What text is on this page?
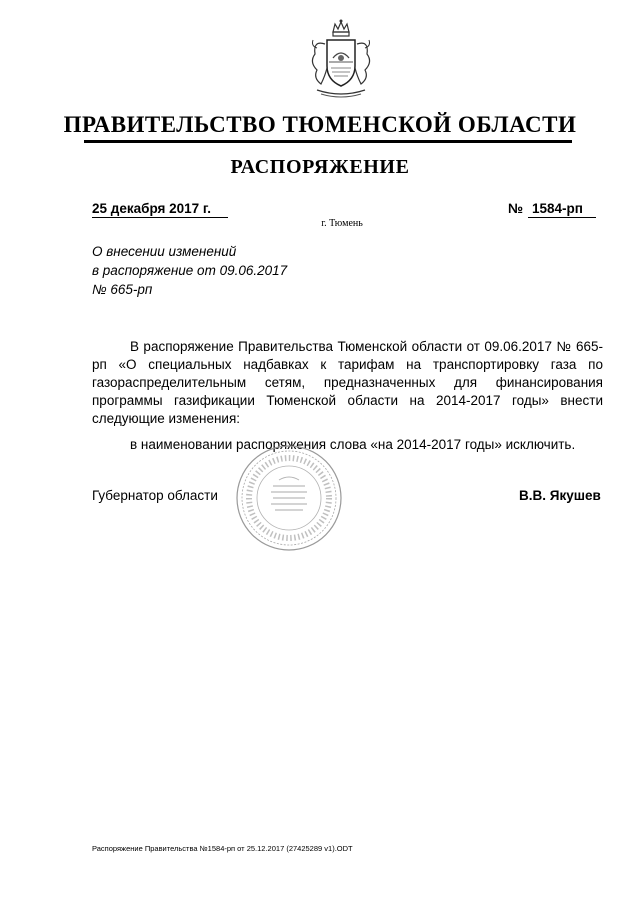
ПРАВИТЕЛЬСТВО ТЮМЕНСКОЙ ОБЛАСТИ
РАСПОРЯЖЕНИЕ
25 декабря 2017 г.	№ 1584-рп
г. Тюмень
О внесении изменений
в распоряжение от 09.06.2017
№ 665-рп

В распоряжение Правительства Тюменской области от 09.06.2017 № 665-рп «О специальных надбавках к тарифам на транспортировку газа по газораспределительным сетям, предназначенных для финансирования программы газификации Тюменской области на 2014-2017 годы» внести следующие изменения:

в наименовании распоряжения слова «на 2014-2017 годы» исключить.

Губернатор области	В.В. Якушев
Распоряжение Правительства №1584-рп от 25.12.2017 (27425289 v1).ODT
